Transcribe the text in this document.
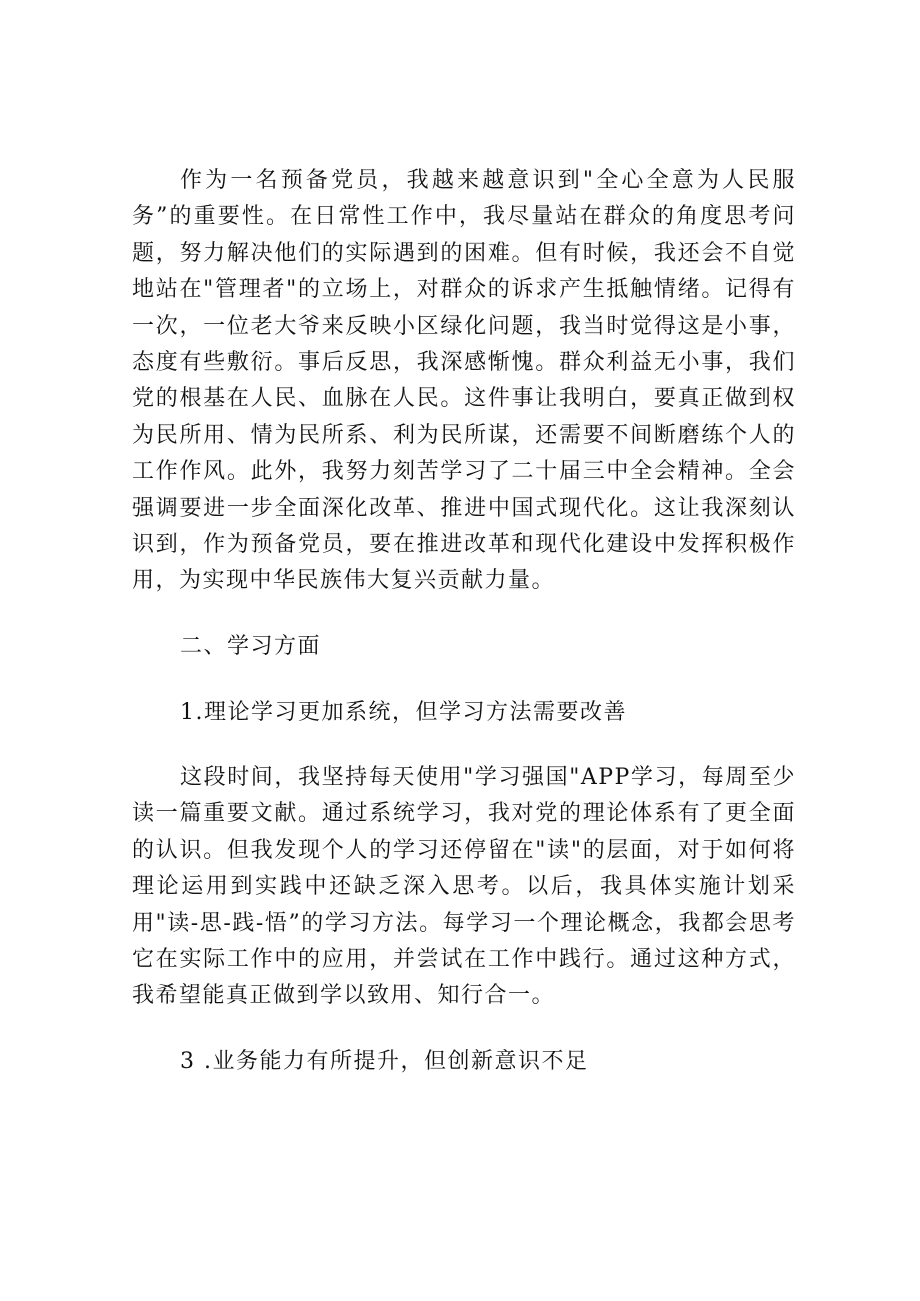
作为一名预备党员，我越来越意识到"全心全意为人民服务”的重要性。在日常性工作中，我尽量站在群众的角度思考问题，努力解决他们的实际遇到的困难。但有时候，我还会不自觉地站在"管理者"的立场上，对群众的诉求产生抵触情绪。记得有一次，一位老大爷来反映小区绿化问题，我当时觉得这是小事，态度有些敷衍。事后反思，我深感惭愧。群众利益无小事，我们党的根基在人民、血脉在人民。这件事让我明白，要真正做到权为民所用、情为民所系、利为民所谋，还需要不间断磨练个人的工作作风。此外，我努力刻苦学习了二十届三中全会精神。全会强调要进一步全面深化改革、推进中国式现代化。这让我深刻认识到，作为预备党员，要在推进改革和现代化建设中发挥积极作用，为实现中华民族伟大复兴贡献力量。

二、学习方面

1.理论学习更加系统，但学习方法需要改善

这段时间，我坚持每天使用"学习强国"APP学习，每周至少读一篇重要文献。通过系统学习，我对党的理论体系有了更全面的认识。但我发现个人的学习还停留在"读"的层面，对于如何将理论运用到实践中还缺乏深入思考。以后，我具体实施计划采用"读-思-践-悟”的学习方法。每学习一个理论概念，我都会思考它在实际工作中的应用，并尝试在工作中践行。通过这种方式，我希望能真正做到学以致用、知行合一。

3 .业务能力有所提升，但创新意识不足
